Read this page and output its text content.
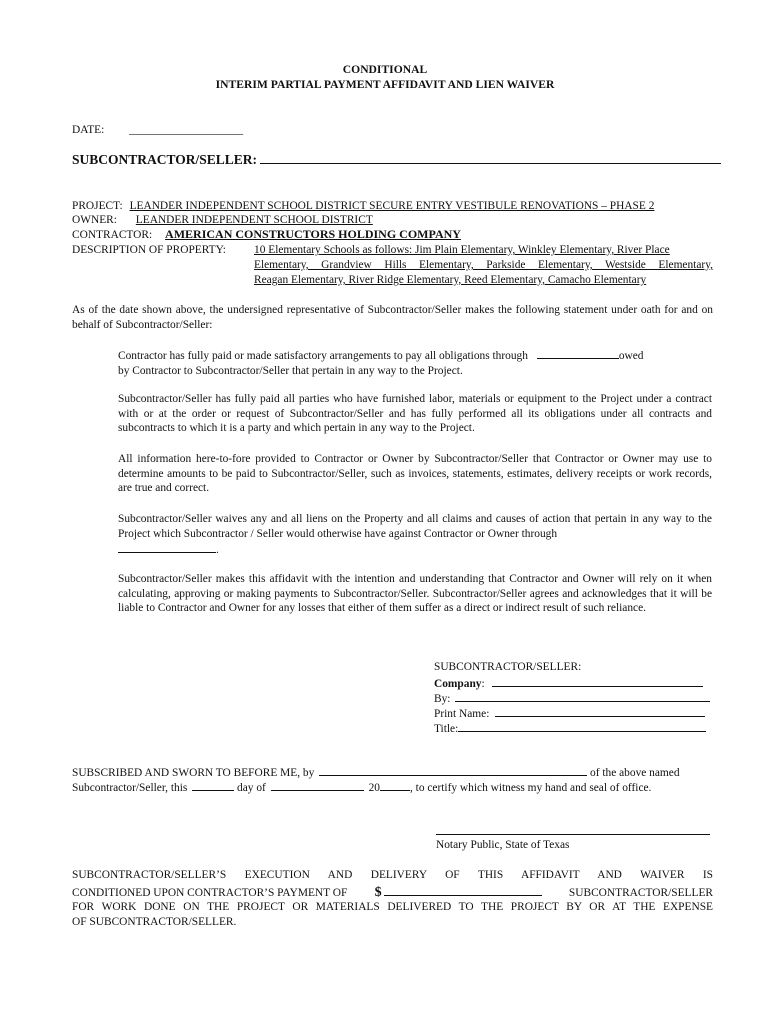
CONDITIONAL
INTERIM PARTIAL PAYMENT AFFIDAVIT AND LIEN WAIVER
DATE: ____________________
SUBCONTRACTOR/SELLER:
PROJECT: LEANDER INDEPENDENT SCHOOL DISTRICT SECURE ENTRY VESTIBULE RENOVATIONS – PHASE 2
OWNER: LEANDER INDEPENDENT SCHOOL DISTRICT
CONTRACTOR: AMERICAN CONSTRUCTORS HOLDING COMPANY
DESCRIPTION OF PROPERTY: 10 Elementary Schools as follows: Jim Plain Elementary, Winkley Elementary, River Place
Elementary, Grandview Hills Elementary, Parkside Elementary, Westside Elementary,
Reagan Elementary, River Ridge Elementary, Reed Elementary, Camacho Elementary
As of the date shown above, the undersigned representative of Subcontractor/Seller makes the following statement under oath for and on behalf of Subcontractor/Seller:
Contractor has fully paid or made satisfactory arrangements to pay all obligations through	owed
by Contractor to Subcontractor/Seller that pertain in any way to the Project.
Subcontractor/Seller has fully paid all parties who have furnished labor, materials or equipment to the Project under a contract with or at the order or request of Subcontractor/Seller and has fully performed all its obligations under all contracts and subcontracts to which it is a party and which pertain in any way to the Project.
All information here-to-fore provided to Contractor or Owner by Subcontractor/Seller that Contractor or Owner may use to determine amounts to be paid to Subcontractor/Seller, such as invoices, statements, estimates, delivery receipts or work records, are true and correct.
Subcontractor/Seller waives any and all liens on the Property and all claims and causes of action that pertain in any way to the Project which Subcontractor / Seller would otherwise have against Contractor or Owner through
.
Subcontractor/Seller makes this affidavit with the intention and understanding that Contractor and Owner will rely on it when calculating, approving or making payments to Subcontractor/Seller. Subcontractor/Seller agrees and acknowledges that it will be liable to Contractor and Owner for any losses that either of them suffer as a direct or indirect result of such reliance.
SUBCONTRACTOR/SELLER:
Company:
By:
Print Name:
Title:
SUBSCRIBED AND SWORN TO BEFORE ME, by	of the above named
Subcontractor/Seller, this	day of	20	, to certify which witness my hand and seal of office.
Notary Public, State of Texas
SUBCONTRACTOR/SELLER’S EXECUTION AND DELIVERY OF THIS AFFIDAVIT AND WAIVER IS
CONDITIONED UPON CONTRACTOR’S PAYMENT OF $	SUBCONTRACTOR/SELLER
FOR WORK DONE ON THE PROJECT OR MATERIALS DELIVERED TO THE PROJECT BY OR AT THE EXPENSE
OF SUBCONTRACTOR/SELLER.
